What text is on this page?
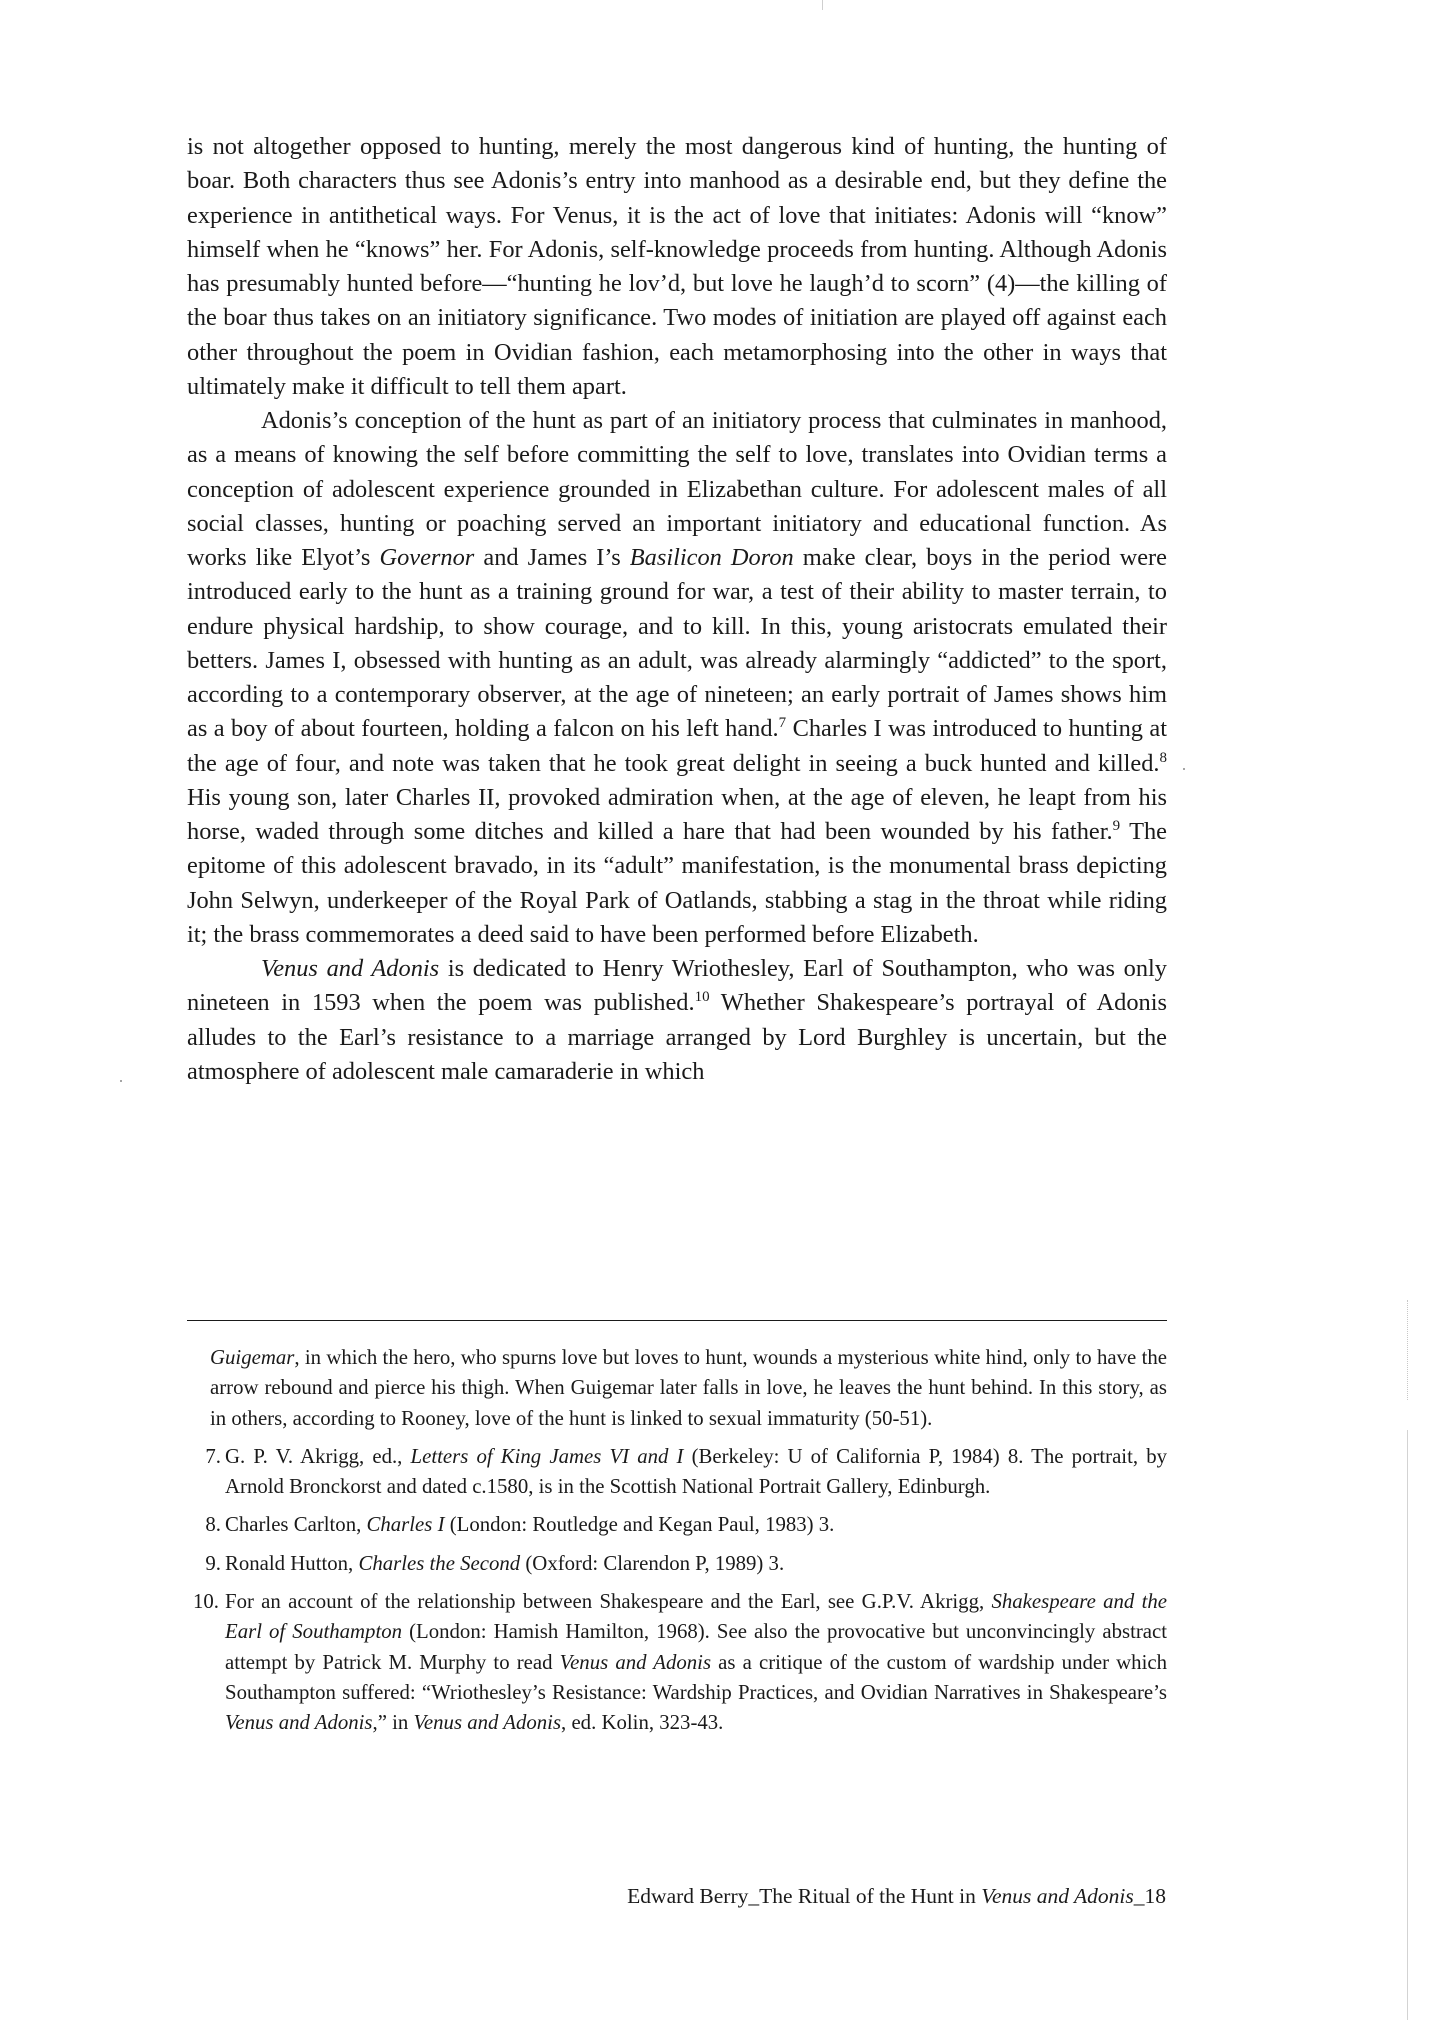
is not altogether opposed to hunting, merely the most dangerous kind of hunting, the hunting of boar. Both characters thus see Adonis’s entry into manhood as a desirable end, but they define the experience in antithetical ways. For Venus, it is the act of love that initiates: Adonis will “know” himself when he “knows” her. For Adonis, self-knowledge proceeds from hunting. Although Adonis has presumably hunted before—“hunting he lov’d, but love he laugh’d to scorn” (4)—the killing of the boar thus takes on an initiatory significance. Two modes of initiation are played off against each other throughout the poem in Ovidian fashion, each metamorphosing into the other in ways that ultimately make it difficult to tell them apart.

Adonis’s conception of the hunt as part of an initiatory process that culminates in manhood, as a means of knowing the self before committing the self to love, translates into Ovidian terms a conception of adolescent experience grounded in Elizabethan culture. For adolescent males of all social classes, hunting or poaching served an important initiatory and educational function. As works like Elyot’s Governor and James I’s Basilicon Doron make clear, boys in the period were introduced early to the hunt as a training ground for war, a test of their ability to master terrain, to endure physical hardship, to show courage, and to kill. In this, young aristocrats emulated their betters. James I, obsessed with hunting as an adult, was already alarmingly “addicted” to the sport, according to a contemporary observer, at the age of nineteen; an early portrait of James shows him as a boy of about fourteen, holding a falcon on his left hand.$^7$ Charles I was introduced to hunting at the age of four, and note was taken that he took great delight in seeing a buck hunted and killed.$^8$ His young son, later Charles II, provoked admiration when, at the age of eleven, he leapt from his horse, waded through some ditches and killed a hare that had been wounded by his father.$^9$ The epitome of this adolescent bravado, in its “adult” manifestation, is the monumental brass depicting John Selwyn, underkeeper of the Royal Park of Oatlands, stabbing a stag in the throat while riding it; the brass commemorates a deed said to have been performed before Elizabeth.

Venus and Adonis is dedicated to Henry Wriothesley, Earl of Southampton, who was only nineteen in 1593 when the poem was published.$^{10}$ Whether Shakespeare’s portrayal of Adonis alludes to the Earl’s resistance to a marriage arranged by Lord Burghley is uncertain, but the atmosphere of adolescent male camaraderie in which

Guigemar, in which the hero, who spurns love but loves to hunt, wounds a mysterious white hind, only to have the arrow rebound and pierce his thigh. When Guigemar later falls in love, he leaves the hunt behind. In this story, as in others, according to Rooney, love of the hunt is linked to sexual immaturity (50-51).

7. G. P. V. Akrigg, ed., Letters of King James VI and I (Berkeley: U of California P, 1984) 8. The portrait, by Arnold Bronckorst and dated c.1580, is in the Scottish National Portrait Gallery, Edinburgh.

8. Charles Carlton, Charles I (London: Routledge and Kegan Paul, 1983) 3.

9. Ronald Hutton, Charles the Second (Oxford: Clarendon P, 1989) 3.

10. For an account of the relationship between Shakespeare and the Earl, see G.P.V. Akrigg, Shakespeare and the Earl of Southampton (London: Hamish Hamilton, 1968). See also the provocative but unconvincingly abstract attempt by Patrick M. Murphy to read Venus and Adonis as a critique of the custom of wardship under which Southampton suffered: “Wriothesley’s Resistance: Wardship Practices, and Ovidian Narratives in Shakespeare’s Venus and Adonis,” in Venus and Adonis, ed. Kolin, 323-43.

Edward Berry_The Ritual of the Hunt in Venus and Adonis_18
